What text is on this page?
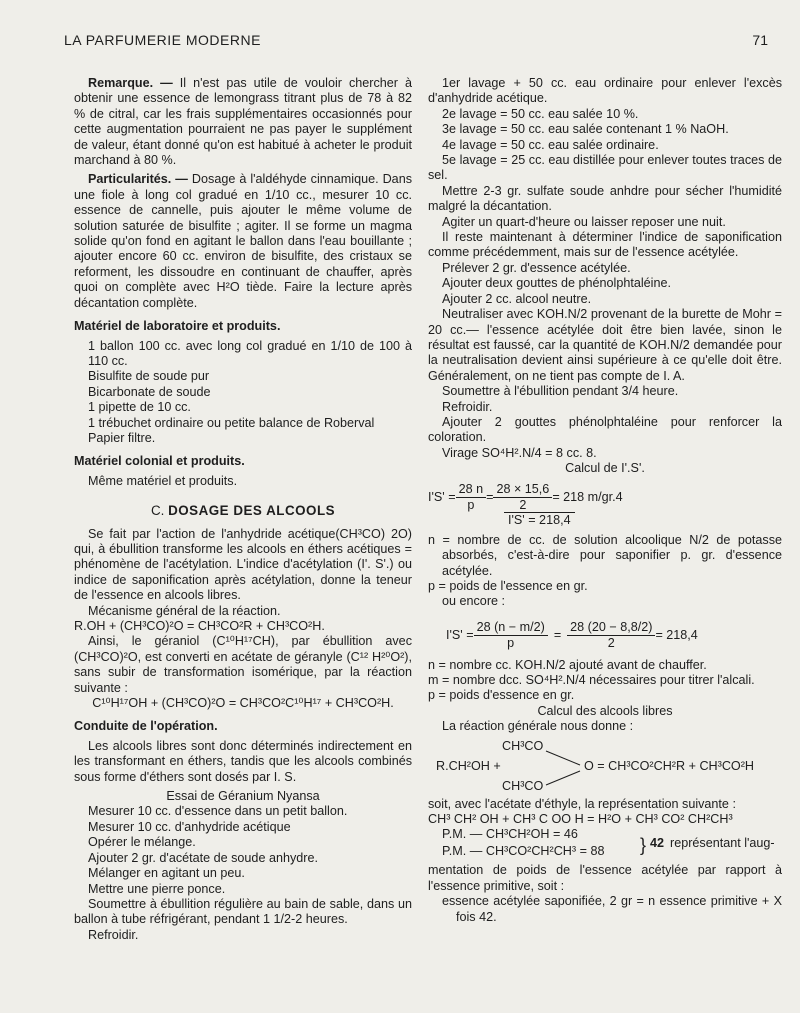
LA PARFUMERIE MODERNE	71

Remarque. — Il n'est pas utile de vouloir chercher à obtenir une essence de lemongrass titrant plus de 78 à 82 % de citral, car les frais supplémentaires occasionnés pour cette augmentation pourraient ne pas payer le supplément de valeur, étant donné qu'on est habitué à acheter le produit marchand à 80 %.

Particularités. — Dosage à l'aldéhyde cinnamique. Dans une fiole à long col gradué en 1/10 cc., mesurer 10 cc. essence de cannelle, puis ajouter le même volume de solution saturée de bisulfite ; agiter. Il se forme un magma solide qu'on fond en agitant le ballon dans l'eau bouillante ; ajouter encore 60 cc. environ de bisulfite, des cristaux se reforment, les dissoudre en continuant de chauffer, après quoi on complète avec H²O tiède. Faire la lecture après décantation complète.

Matériel de laboratoire et produits.

1 ballon 100 cc. avec long col gradué en 1/10 de 100 à 110 cc.

Bisulfite de soude pur

Bicarbonate de soude

1 pipette de 10 cc.

1 trébuchet ordinaire ou petite balance de Roberval

Papier filtre.

Matériel colonial et produits.

Même matériel et produits.

C. DOSAGE DES ALCOOLS

Se fait par l'action de l'anhydride acétique(CH³CO) 2O) qui, à ébullition transforme les alcools en éthers acétiques = phénomène de l'acétylation. L'indice d'acétylation (I'. S'.) ou indice de saponification après acétylation, donne la teneur de l'essence en alcools libres.

Mécanisme général de la réaction.

R.OH + (CH³CO)²O = CH³CO²R + CH³CO²H.

Ainsi, le géraniol (C¹⁰H¹⁷CH), par ébullition avec (CH³CO)²O, est converti en acétate de géranyle (C¹² H²⁰O²), sans subir de transformation isomérique, par la réaction suivante :

C¹⁰H¹⁷OH + (CH³CO)²O = CH³CO²C¹⁰H¹⁷ + CH³CO²H.

Conduite de l'opération.

Les alcools libres sont donc déterminés indirectement en les transformant en éthers, tandis que les alcools combinés sous forme d'éthers sont dosés par I. S.

Essai de Géranium Nyansa

Mesurer 10 cc. d'essence dans un petit ballon.

Mesurer 10 cc. d'anhydride acétique

Opérer le mélange.

Ajouter 2 gr. d'acétate de soude anhydre.

Mélanger en agitant un peu.

Mettre une pierre ponce.

Soumettre à ébullition régulière au bain de sable, dans un ballon à tube réfrigérant, pendant 1 1/2-2 heures.

Refroidir.

1er lavage + 50 cc. eau ordinaire pour enlever l'excès d'anhydride acétique.

2e lavage = 50 cc. eau salée 10 %.

3e lavage = 50 cc. eau salée contenant 1 % NaOH.

4e lavage = 50 cc. eau salée ordinaire.

5e lavage = 25 cc. eau distillée pour enlever toutes traces de sel.

Mettre 2-3 gr. sulfate soude anhdre pour sécher l'humidité malgré la décantation.

Agiter un quart-d'heure ou laisser reposer une nuit.

Il reste maintenant à déterminer l'indice de saponification comme précédemment, mais sur de l'essence acétylée.

Prélever 2 gr. d'essence acétylée.

Ajouter deux gouttes de phénolphtaléine.

Ajouter 2 cc. alcool neutre.

Neutraliser avec KOH.N/2 provenant de la burette de Mohr = 20 cc.— l'essence acétylée doit être bien lavée, sinon le résultat est faussé, car la quantité de KOH.N/2 demandée pour la neutralisation devient ainsi supérieure à ce qu'elle doit être. Généralement, on ne tient pas compte de I. A.

Soumettre à l'ébullition pendant 3/4 heure.

Refroidir.

Ajouter 2 gouttes phénolphtaléine pour renforcer la coloration.

Virage SO⁴H².N/4 = 8 cc. 8.

Calcul de I'.S'.

$I'S' = \frac{28 n}{p} = \frac{28 \times 15,6}{2} = 218$ m/gr.4
I'S' = 218,4

n = nombre de cc. de solution alcoolique N/2 de potasse absorbés, c'est-à-dire pour saponifier p. gr. d'essence acétylée.

p = poids de l'essence en gr.

ou encore :

$I'S' = \frac{28 (n - m/2)}{p} = \frac{28 (20 - 8,8/2)}{2} = 218,4$

n = nombre cc. KOH.N/2 ajouté avant de chauffer.

m = nombre dcc. SO⁴H².N/4 nécessaires pour titrer l'alcali.

p = poids d'essence en gr.

Calcul des alcools libres

La réaction générale nous donne :

CH³CO
R.CH²OH +	O = CH³CO²CH²R + CH³CO²H
CH³CO

soit, avec l'acétate d'éthyle, la représentation suivante :

CH³ CH² OH + CH³ C OO H = H²O + CH³ CO² CH²CH³

P.M. — CH³CH²OH = 46
P.M. — CH³CO²CH²CH³ = 88 } 42 représentant l'aug-

mentation de poids de l'essence acétylée par rapport à l'essence primitive, soit :

essence acétylée saponifiée, 2 gr = n essence primitive + X fois 42.
